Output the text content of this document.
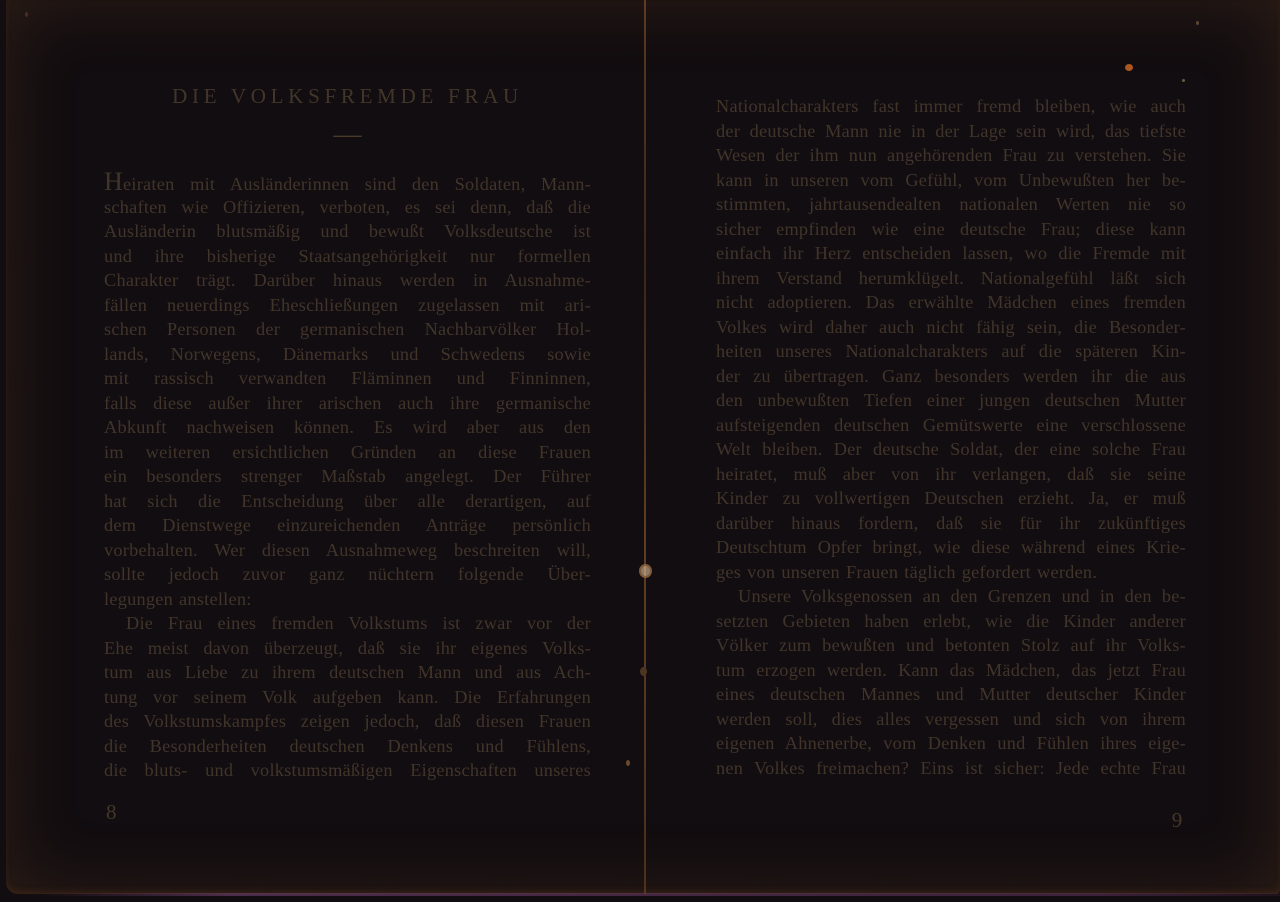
DIE VOLKSFREMDE FRAU
—
Heiraten mit Ausländerinnen sind den Soldaten, Mann-
schaften wie Offizieren, verboten, es sei denn, daß die
Ausländerin blutsmäßig und bewußt Volksdeutsche ist
und ihre bisherige Staatsangehörigkeit nur formellen
Charakter trägt. Darüber hinaus werden in Ausnahme-
fällen neuerdings Eheschließungen zugelassen mit ari-
schen Personen der germanischen Nachbarvölker Hol-
lands, Norwegens, Dänemarks und Schwedens sowie
mit rassisch verwandten Fläminnen und Finninnen,
falls diese außer ihrer arischen auch ihre germanische
Abkunft nachweisen können. Es wird aber aus den
im weiteren ersichtlichen Gründen an diese Frauen
ein besonders strenger Maßstab angelegt. Der Führer
hat sich die Entscheidung über alle derartigen, auf
dem Dienstwege einzureichenden Anträge persönlich
vorbehalten. Wer diesen Ausnahmeweg beschreiten will,
sollte jedoch zuvor ganz nüchtern folgende Über-
legungen anstellen:
Die Frau eines fremden Volkstums ist zwar vor der
Ehe meist davon überzeugt, daß sie ihr eigenes Volks-
tum aus Liebe zu ihrem deutschen Mann und aus Ach-
tung vor seinem Volk aufgeben kann. Die Erfahrungen
des Volkstumskampfes zeigen jedoch, daß diesen Frauen
die Besonderheiten deutschen Denkens und Fühlens,
die bluts- und volkstumsmäßigen Eigenschaften unseres
8
Nationalcharakters fast immer fremd bleiben, wie auch
der deutsche Mann nie in der Lage sein wird, das tiefste
Wesen der ihm nun angehörenden Frau zu verstehen. Sie
kann in unseren vom Gefühl, vom Unbewußten her be-
stimmten, jahrtausendealten nationalen Werten nie so
sicher empfinden wie eine deutsche Frau; diese kann
einfach ihr Herz entscheiden lassen, wo die Fremde mit
ihrem Verstand herumklügelt. Nationalgefühl läßt sich
nicht adoptieren. Das erwählte Mädchen eines fremden
Volkes wird daher auch nicht fähig sein, die Besonder-
heiten unseres Nationalcharakters auf die späteren Kin-
der zu übertragen. Ganz besonders werden ihr die aus
den unbewußten Tiefen einer jungen deutschen Mutter
aufsteigenden deutschen Gemütswerte eine verschlossene
Welt bleiben. Der deutsche Soldat, der eine solche Frau
heiratet, muß aber von ihr verlangen, daß sie seine
Kinder zu vollwertigen Deutschen erzieht. Ja, er muß
darüber hinaus fordern, daß sie für ihr zukünftiges
Deutschtum Opfer bringt, wie diese während eines Krie-
ges von unseren Frauen täglich gefordert werden.
Unsere Volksgenossen an den Grenzen und in den be-
setzten Gebieten haben erlebt, wie die Kinder anderer
Völker zum bewußten und betonten Stolz auf ihr Volks-
tum erzogen werden. Kann das Mädchen, das jetzt Frau
eines deutschen Mannes und Mutter deutscher Kinder
werden soll, dies alles vergessen und sich von ihrem
eigenen Ahnenerbe, vom Denken und Fühlen ihres eige-
nen Volkes freimachen? Eins ist sicher: Jede echte Frau
9
